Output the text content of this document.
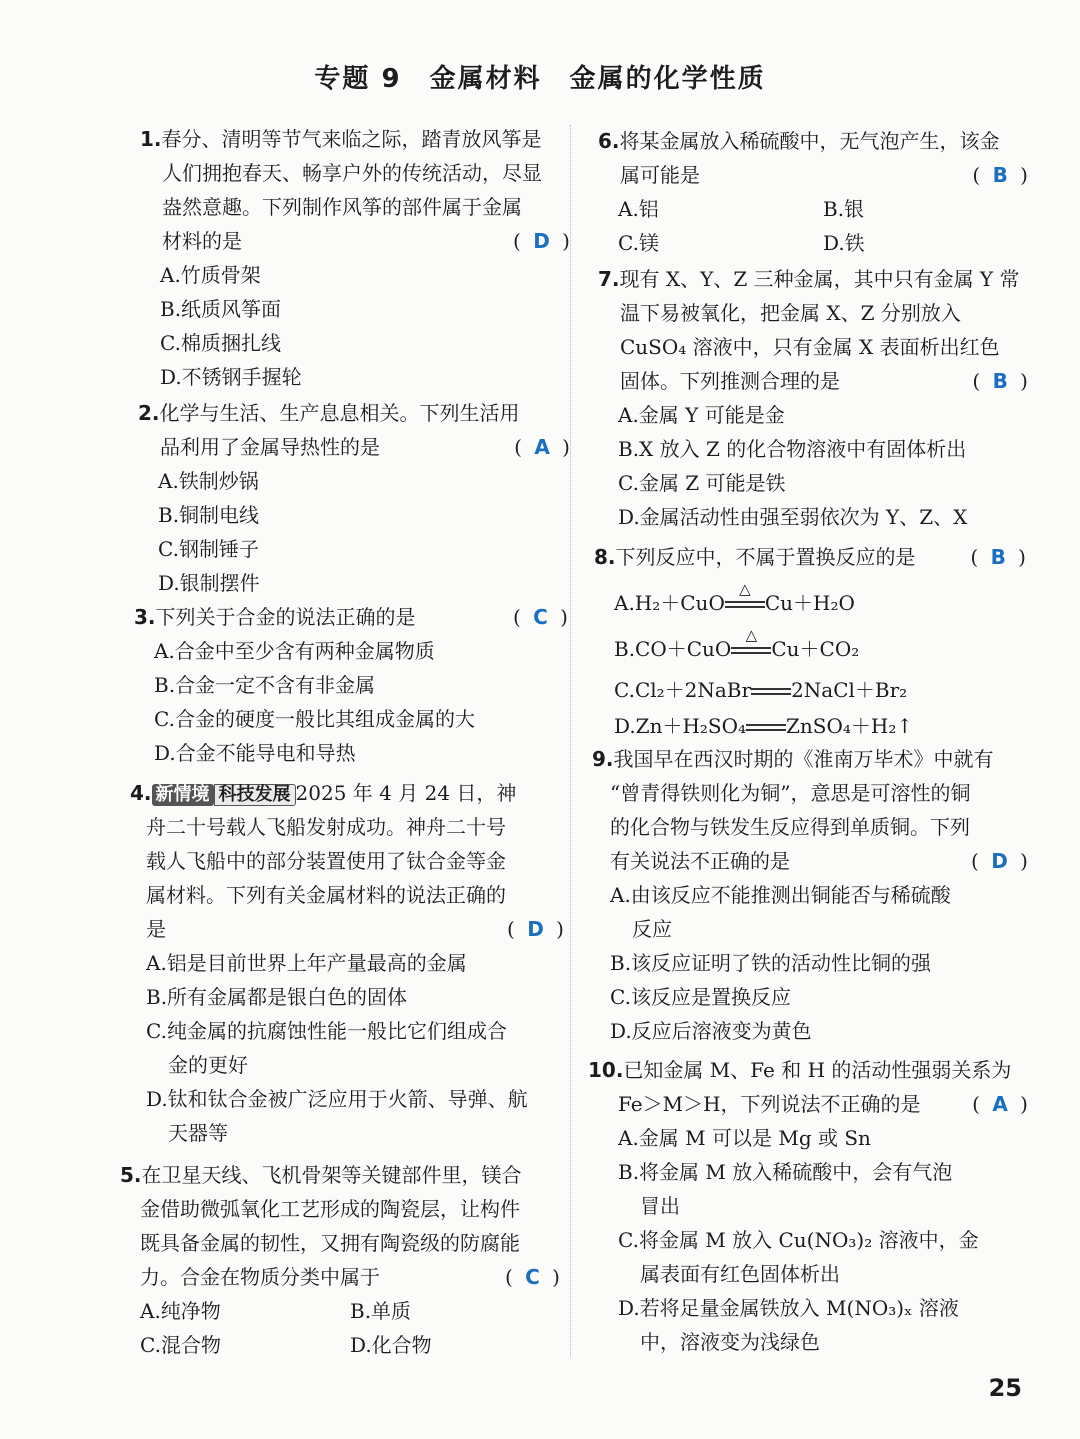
专题 9　金属材料　金属的化学性质
1.春分、清明等节气来临之际，踏青放风筝是
人们拥抱春天、畅享户外的传统活动，尽显
盎然意趣。下列制作风筝的部件属于金属
材料的是	( D )
A.竹质骨架
B.纸质风筝面
C.棉质捆扎线
D.不锈钢手握轮
2.化学与生活、生产息息相关。下列生活用
品利用了金属导热性的是	( A )
A.铁制炒锅
B.铜制电线
C.钢制锤子
D.银制摆件
3.下列关于合金的说法正确的是	( C )
A.合金中至少含有两种金属物质
B.合金一定不含有非金属
C.合金的硬度一般比其组成金属的大
D.合金不能导电和导热
4. 新情境 科技发展 2025 年 4 月 24 日，神
舟二十号载人飞船发射成功。神舟二十号
载人飞船中的部分装置使用了钛合金等金
属材料。下列有关金属材料的说法正确的
是	( D )
A.铝是目前世界上年产量最高的金属
B.所有金属都是银白色的固体
C.纯金属的抗腐蚀性能一般比它们组成合
金的更好
D.钛和钛合金被广泛应用于火箭、导弹、航
天器等
5.在卫星天线、飞机骨架等关键部件里，镁合
金借助微弧氧化工艺形成的陶瓷层，让构件
既具备金属的韧性，又拥有陶瓷级的防腐能
力。合金在物质分类中属于	( C )
A.纯净物	B.单质
C.混合物	D.化合物
6.将某金属放入稀硫酸中，无气泡产生，该金
属可能是	( B )
A.铝	B.银
C.镁	D.铁
7.现有 X、Y、Z 三种金属，其中只有金属 Y 常
温下易被氧化，把金属 X、Z 分别放入
CuSO₄ 溶液中，只有金属 X 表面析出红色
固体。下列推测合理的是	( B )
A.金属 Y 可能是金
B.X 放入 Z 的化合物溶液中有固体析出
C.金属 Z 可能是铁
D.金属活动性由强至弱依次为 Y、Z、X
8.下列反应中，不属于置换反应的是	( B )
A.H₂＋CuO
△
Cu＋H₂O
B.CO＋CuO
△
Cu＋CO₂
C.Cl₂＋2NaBr 2NaCl＋Br₂
D.Zn＋H₂SO₄ ZnSO₄＋H₂↑
9.我国早在西汉时期的《淮南万毕术》中就有
“曾青得铁则化为铜”，意思是可溶性的铜
的化合物与铁发生反应得到单质铜。下列
有关说法不正确的是	( D )
A.由该反应不能推测出铜能否与稀硫酸
反应
B.该反应证明了铁的活动性比铜的强
C.该反应是置换反应
D.反应后溶液变为黄色
10.已知金属 M、Fe 和 H 的活动性强弱关系为
Fe＞M＞H，下列说法不正确的是	( A )
A.金属 M 可以是 Mg 或 Sn
B.将金属 M 放入稀硫酸中，会有气泡
冒出
C.将金属 M 放入 Cu(NO₃)₂ 溶液中，金
属表面有红色固体析出
D.若将足量金属铁放入 M(NO₃)ₓ 溶液
中，溶液变为浅绿色
25
